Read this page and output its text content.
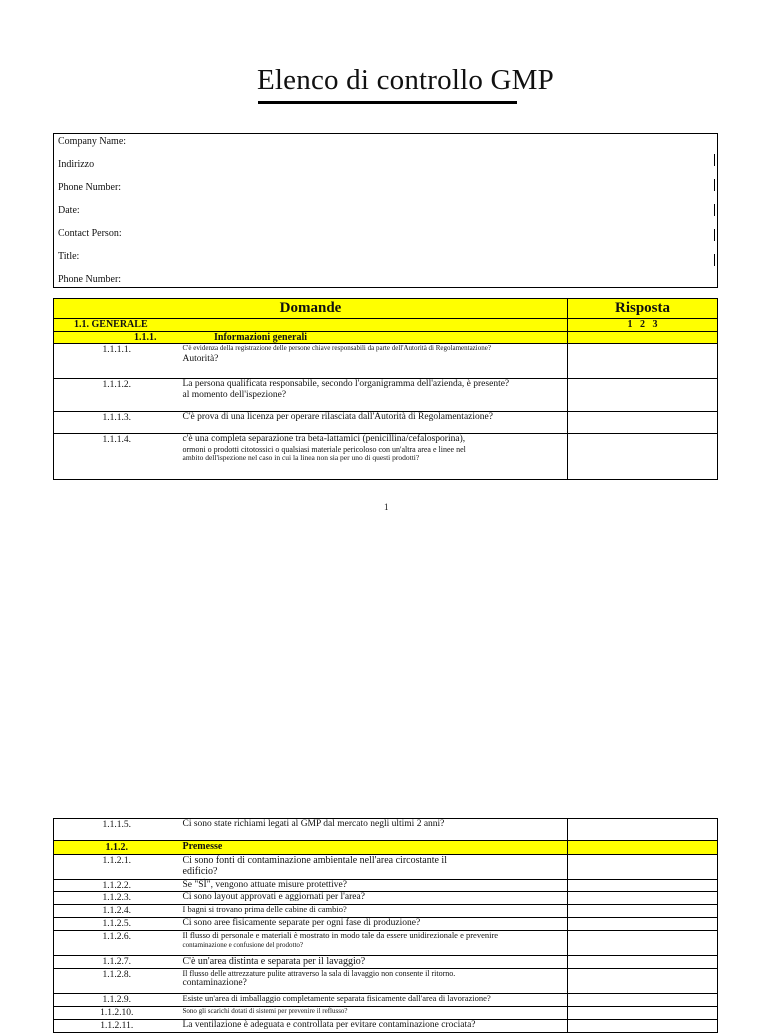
Elenco di controllo GMP
Company Name:
Indirizzo
Phone Number:
Date:
Contact Person:
Title:
Phone Number:
Domande	Risposta
1.1. GENERALE	1   2   3
1.1.1. Informazioni generali	
1.1.1.1.	C'è evidenza della registrazione delle persone chiave responsabili da parte dell'Autorità di Regolamentazione?
Autorità?	

1.1.1.2.	La persona qualificata responsabile, secondo l'organigramma dell'azienda, è presente?
al momento dell'ispezione?	

1.1.1.3.	C'è prova di una licenza per operare rilasciata dall'Autorità di Regolamentazione?	

1.1.1.4.	c'è una completa separazione tra beta-lattamici (penicillina/cefalosporina),
ormoni o prodotti citotossici o qualsiasi materiale pericoloso con un'altra area e linee nel
ambito dell'ispezione nel caso in cui la linea non sia per uno di questi prodotti?	

1
1.1.1.5.	Ci sono state richiami legati al GMP dal mercato negli ultimi 2 anni?	
1.1.2.	Premesse	
1.1.2.1.	Ci sono fonti di contaminazione ambientale nell'area circostante il
edificio?	

1.1.2.2.	Se "SÌ", vengono attuate misure protettive?	
1.1.2.3.	Ci sono layout approvati e aggiornati per l'area?	
1.1.2.4.	I bagni si trovano prima delle cabine di cambio?	
1.1.2.5.	Ci sono aree fisicamente separate per ogni fase di produzione?	
1.1.2.6.	Il flusso di personale e materiali è mostrato in modo tale da essere unidirezionale e prevenire
contaminazione e confusione del prodotto?	

1.1.2.7.	C'è un'area distinta e separata per il lavaggio?	
1.1.2.8.	Il flusso delle attrezzature pulite attraverso la sala di lavaggio non consente il ritorno.
contaminazione?	

1.1.2.9.	Esiste un'area di imballaggio completamente separata fisicamente dall'area di lavorazione?	
1.1.2.10.	Sono gli scarichi dotati di sistemi per prevenire il reflusso?	
1.1.2.11.	La ventilazione è adeguata e controllata per evitare contaminazione crociata?	
